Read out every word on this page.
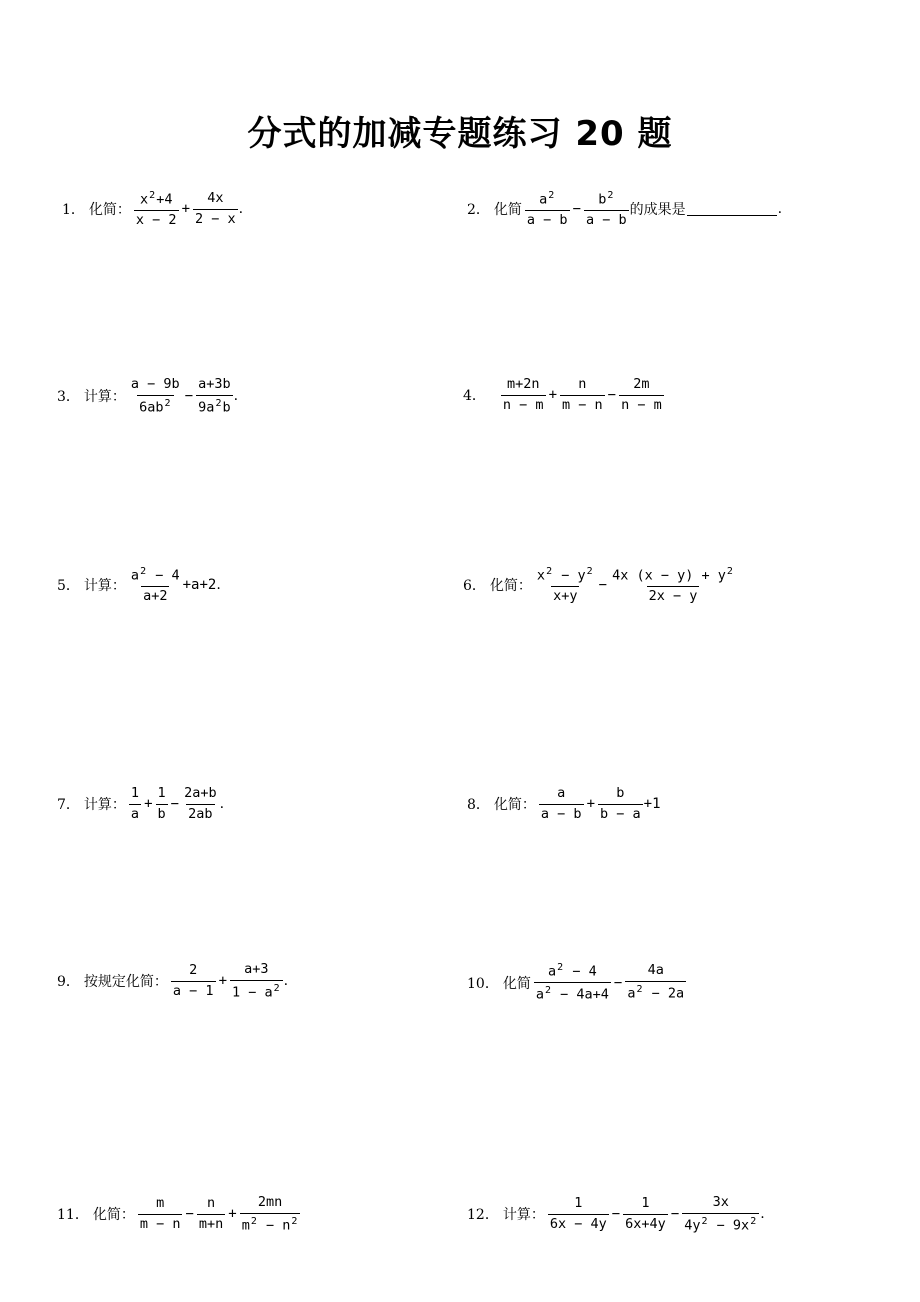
分式的加减专题练习 20 题
1． 化简： $\frac{x^2+4}{x - 2} + \frac{4x}{2 - x}$ .	2． 化简 $\frac{a^2}{a - b} - \frac{b^2}{a - b}$ 的成果是	.
3． 计算： $\frac{a - 9b}{6ab^2} - \frac{a+3b}{9a^2b}$ .	4． $\frac{m+2n}{n - m} + \frac{n}{m - n} - \frac{2m}{n - m}$
5． 计算： $\frac{a^2 - 4}{a+2} +a+2$ .	6． 化简： $\frac{x^2 - y^2}{x+y} - \frac{4x (x - y) + y^2}{2x - y}$
7． 计算： $\frac{1}{a} + \frac{1}{b} - \frac{2a+b}{2ab}$ .	8． 化简： $\frac{a}{a - b} + \frac{b}{b - a} +1$
9． 按规定化简： $\frac{2}{a - 1} + \frac{a+3}{1 - a^2}$ .	10． 化简 $\frac{a^2 - 4}{a^2 - 4a+4} - \frac{4a}{a^2 - 2a}$
11． 化简： $\frac{m}{m - n} - \frac{n}{m+n} + \frac{2mn}{m^2 - n^2}$	12． 计算： $\frac{1}{6x - 4y} - \frac{1}{6x+4y} - \frac{3x}{4y^2 - 9x^2}$ .
